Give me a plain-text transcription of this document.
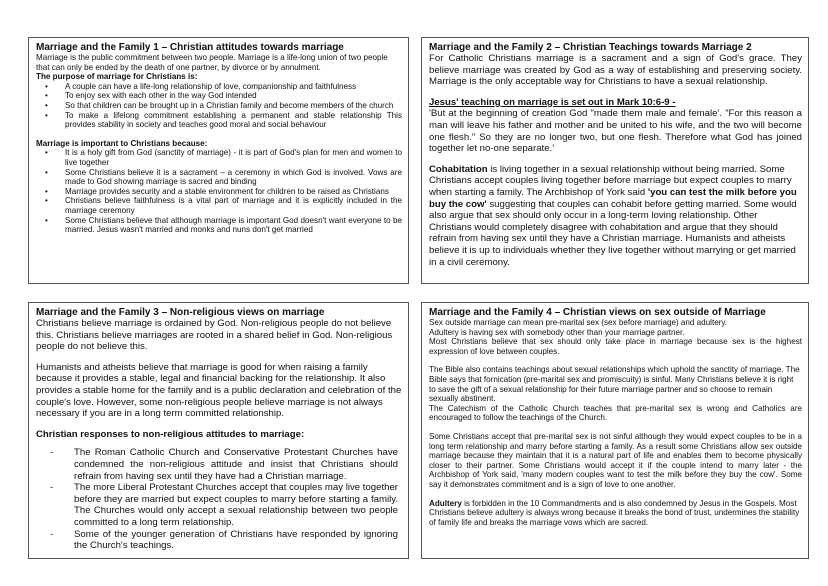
Marriage and the Family 1 – Christian attitudes towards marriage

Marriage is the public commitment between two people. Marriage is a life-long union of two people that can only be ended by the death of one partner, by divorce or by annulment.

The purpose of marriage for Christians is:

• A couple can have a life-long relationship of love, companionship and faithfulness
• To enjoy sex with each other in the way God intended
• So that children can be brought up in a Christian family and become members of the church
• To make a lifelong commitment establishing a permanent and stable relationship This provides stability in society and teaches good moral and social behaviour

Marriage is important to Christians because:

• It is a holy gift from God (sanctity of marriage) - it is part of God's plan for men and women to live together
• Some Christians believe it is a sacrament – a ceremony in which God is involved. Vows are made to God showing marriage is sacred and binding
• Marriage provides security and a stable environment for children to be raised as Christians
• Christians believe faithfulness is a vital part of marriage and it is explicitly included in the marriage ceremony
• Some Christians believe that although marriage is important God doesn't want everyone to be married. Jesus wasn't married and monks and nuns don't get married

Marriage and the Family 2 – Christian Teachings towards Marriage 2

For Catholic Christians marriage is a sacrament and a sign of God's grace. They believe marriage was created by God as a way of establishing and preserving society. Marriage is the only acceptable way for Christians to have a sexual relationship.

Jesus' teaching on marriage is set out in Mark 10:6-9 -

'But at the beginning of creation God "made them male and female'. "For this reason a man will leave his father and mother and be united to his wife, and the two will become one flesh." So they are no longer two, but one flesh. Therefore what God has joined together let no-one separate.'

Cohabitation is living together in a sexual relationship without being married. Some Christians accept couples living together before marriage but expect couples to marry when starting a family. The Archbishop of York said 'you can test the milk before you buy the cow' suggesting that couples can cohabit before getting married. Some would also argue that sex should only occur in a long-term loving relationship. Other Christians would completely disagree with cohabitation and argue that they should refrain from having sex until they have a Christian marriage. Humanists and atheists believe it is up to individuals whether they live together without marrying or get married in a civil ceremony.

Marriage and the Family 3 – Non-religious views on marriage

Christians believe marriage is ordained by God. Non-religious people do not believe this. Christians believe marriages are rooted in a shared belief in God. Non-religious people do not believe this.

Humanists and atheists believe that marriage is good for when raising a family because it provides a stable, legal and financial backing for the relationship. It also provides a stable home for the family and is a public declaration and celebration of the couple's love. However, some non-religious people believe marriage is not always necessary if you are in a long term committed relationship.

Christian responses to non-religious attitudes to marriage:

- The Roman Catholic Church and Conservative Protestant Churches have condemned the non-religious attitude and insist that Christians should refrain from having sex until they have had a Christian marriage.
- The more Liberal Protestant Churches accept that couples may live together before they are married but expect couples to marry before starting a family. The Churches would only accept a sexual relationship between two people committed to a long term relationship.
- Some of the younger generation of Christians have responded by ignoring the Church's teachings.

Marriage and the Family 4 – Christian views on sex outside of Marriage

Sex outside marriage can mean pre-marital sex (sex before marriage) and adultery.

Adultery is having sex with somebody other than your marriage partner.

Most Christians believe that sex should only take place in marriage because sex is the highest expression of love between couples.

The Bible also contains teachings about sexual relationships which uphold the sanctity of marriage. The Bible says that fornication (pre-marital sex and promiscuity) is sinful. Many Christians believe it is right to save the gift of a sexual relationship for their future marriage partner and so choose to remain sexually abstinent.

The Catechism of the Catholic Church teaches that pre-marital sex is wrong and Catholics are encouraged to follow the teachings of the Church.

Some Christians accept that pre-marital sex is not sinful although they would expect couples to be in a long term relationship and marry before starting a family. As a result some Christians allow sex outside marriage because they maintain that it is a natural part of life and enables them to become physically closer to their partner. Some Christians would accept it if the couple intend to marry later - the Archbishop of York said, 'many modern couples want to test the milk before they buy the cow'. Some say it demonstrates commitment and is a sign of love to one another.

Adultery is forbidden in the 10 Commandments and is also condemned by Jesus in the Gospels. Most Christians believe adultery is always wrong because it breaks the bond of trust, undermines the stability of family life and breaks the marriage vows which are sacred.
